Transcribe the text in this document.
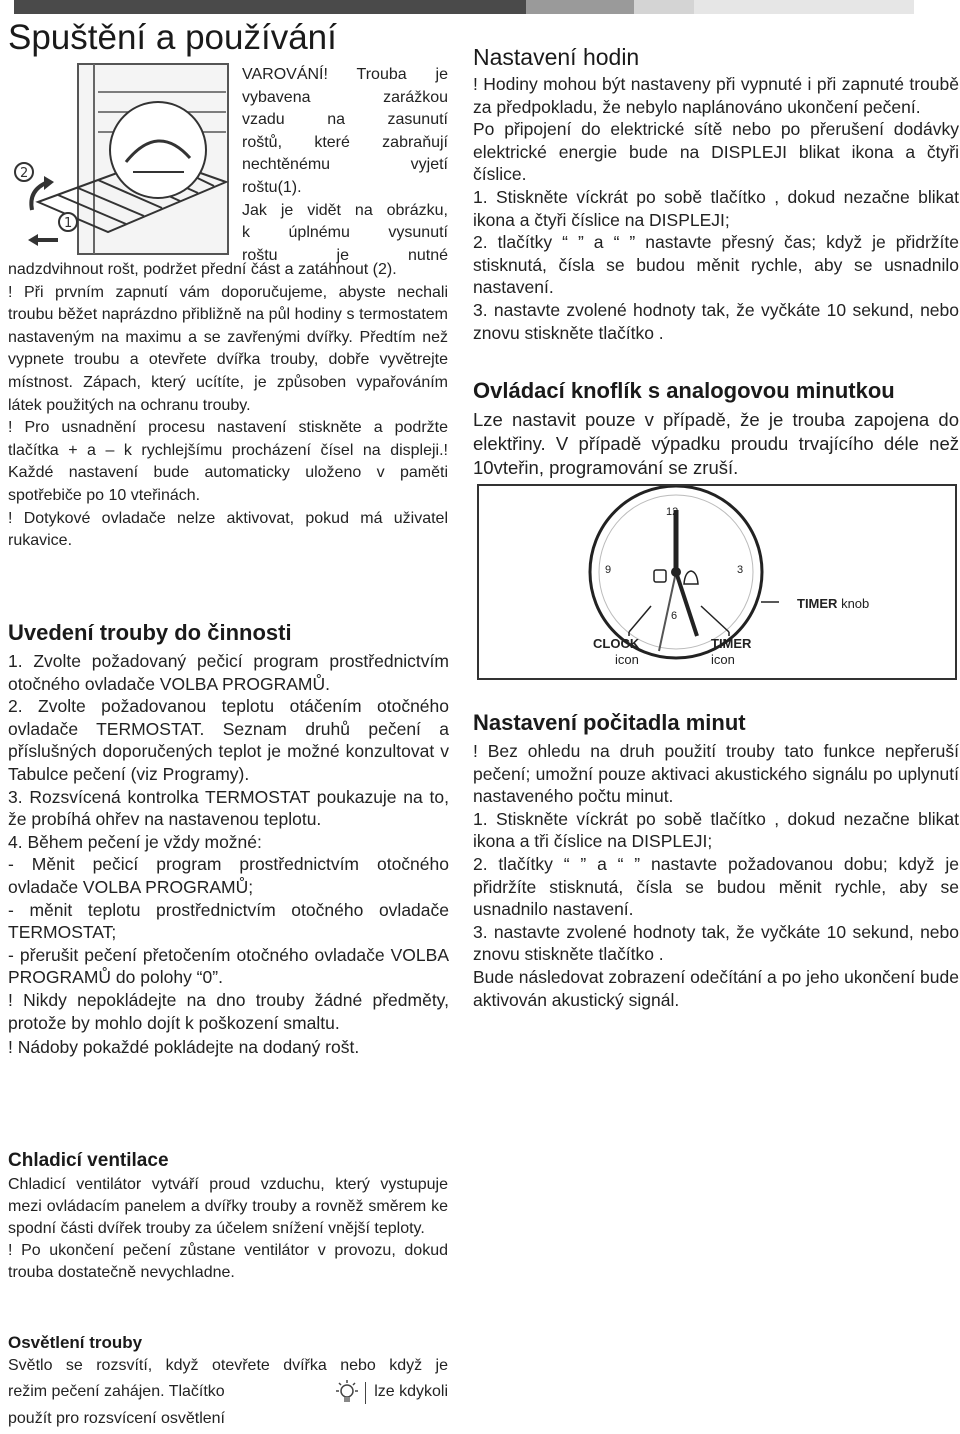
Spuštění a používání
2
1

VAROVÁNÍ! Trouba je

vybavena zarážkou

vzadu na zasunutí

roštů, které zabraňují

nechtěnému vyjetí

roštu(1).

Jak je vidět na obrázku,

k úplnému vysunutí

roštu je nutné

nadzdvihnout rošt, podržet přední část a zatáhnout (2).

! Při prvním zapnutí vám doporučujeme, abyste nechali troubu běžet naprázdno přibližně na půl hodiny s termostatem nastaveným na maximu a se zavřenými dvířky. Předtím než vypnete troubu a otevřete dvířka trouby, dobře vyvětrejte místnost. Zápach, který ucítíte, je způsoben vypařováním látek použitých na ochranu trouby.

! Pro usnadnění procesu nastavení stiskněte a podržte tlačítka + a – k rychlejšímu procházení čísel na displeji.! Každé nastavení bude automaticky uloženo v paměti spotřebiče po 10 vteřinách.

! Dotykové ovladače nelze aktivovat, pokud má uživatel rukavice.

Uvedení trouby do činnosti

1. Zvolte požadovaný pečicí program prostřednictvím otočného ovladače VOLBA PROGRAMŮ.

2. Zvolte požadovanou teplotu otáčením otočného ovladače TERMOSTAT. Seznam druhů pečení a příslušných doporučených teplot je možné konzultovat v Tabulce pečení (viz Programy).

3. Rozsvícená kontrolka TERMOSTAT poukazuje na to, že probíhá ohřev na nastavenou teplotu.

4. Během pečení je vždy možné:

- Měnit pečicí program prostřednictvím otočného ovladače VOLBA PROGRAMŮ;

- měnit teplotu prostřednictvím otočného ovladače TERMOSTAT;

- přerušit pečení přetočením otočného ovladače VOLBA PROGRAMŮ do polohy “0”.

! Nikdy nepokládejte na dno trouby žádné předměty, protože by mohlo dojít k poškození smaltu.

! Nádoby pokaždé pokládejte na dodaný rošt.

Chladicí ventilace

Chladicí ventilátor vytváří proud vzduchu, který vystupuje mezi ovládacím panelem a dvířky trouby a rovněž směrem ke spodní části dvířek trouby za účelem snížení vnější teploty.

! Po ukončení pečení zůstane ventilátor v provozu, dokud trouba dostatečně nevychladne.

Osvětlení trouby

Světlo se rozsvítí, když otevřete dvířka nebo když je

režim pečení zahájen. Tlačítko	lze kdykoli

použít pro rozsvícení osvětlení

Nastavení hodin

! Hodiny mohou být nastaveny při vypnuté i při zapnuté troubě za předpokladu, že nebylo naplánováno ukončení pečení.

Po připojení do elektrické sítě nebo po přerušení dodávky elektrické energie bude na DISPLEJI blikat ikona a čtyři číslice.

1. Stiskněte víckrát po sobě tlačítko , dokud nezačne blikat ikona a čtyři číslice na DISPLEJI;

2. tlačítky “ ” a “ ” nastavte přesný čas; když je přidržíte stisknutá, čísla se budou měnit rychle, aby se usnadnilo nastavení.

3. nastavte zvolené hodnoty tak, že vyčkáte 10 sekund, nebo znovu stiskněte tlačítko .

Ovládací knoflík s analogovou minutkou

Lze nastavit pouze v případě, že je trouba zapojena do elektřiny. V případě výpadku proudu trvajícího déle než 10vteřin, programování se zruší.

12
3
6
9
TIMER knob
CLOCK
icon
TIMER
icon

Nastavení počitadla minut

! Bez ohledu na druh použití trouby tato funkce nepřeruší pečení; umožní pouze aktivaci akustického signálu po uplynutí nastaveného počtu minut.

1. Stiskněte víckrát po sobě tlačítko , dokud nezačne blikat ikona a tři číslice na DISPLEJI;

2. tlačítky “ ” a “ ” nastavte požadovanou dobu; když je přidržíte stisknutá, čísla se budou měnit rychle, aby se usnadnilo nastavení.

3. nastavte zvolené hodnoty tak, že vyčkáte 10 sekund, nebo znovu stiskněte tlačítko .

Bude následovat zobrazení odečítání a po jeho ukončení bude aktivován akustický signál.
